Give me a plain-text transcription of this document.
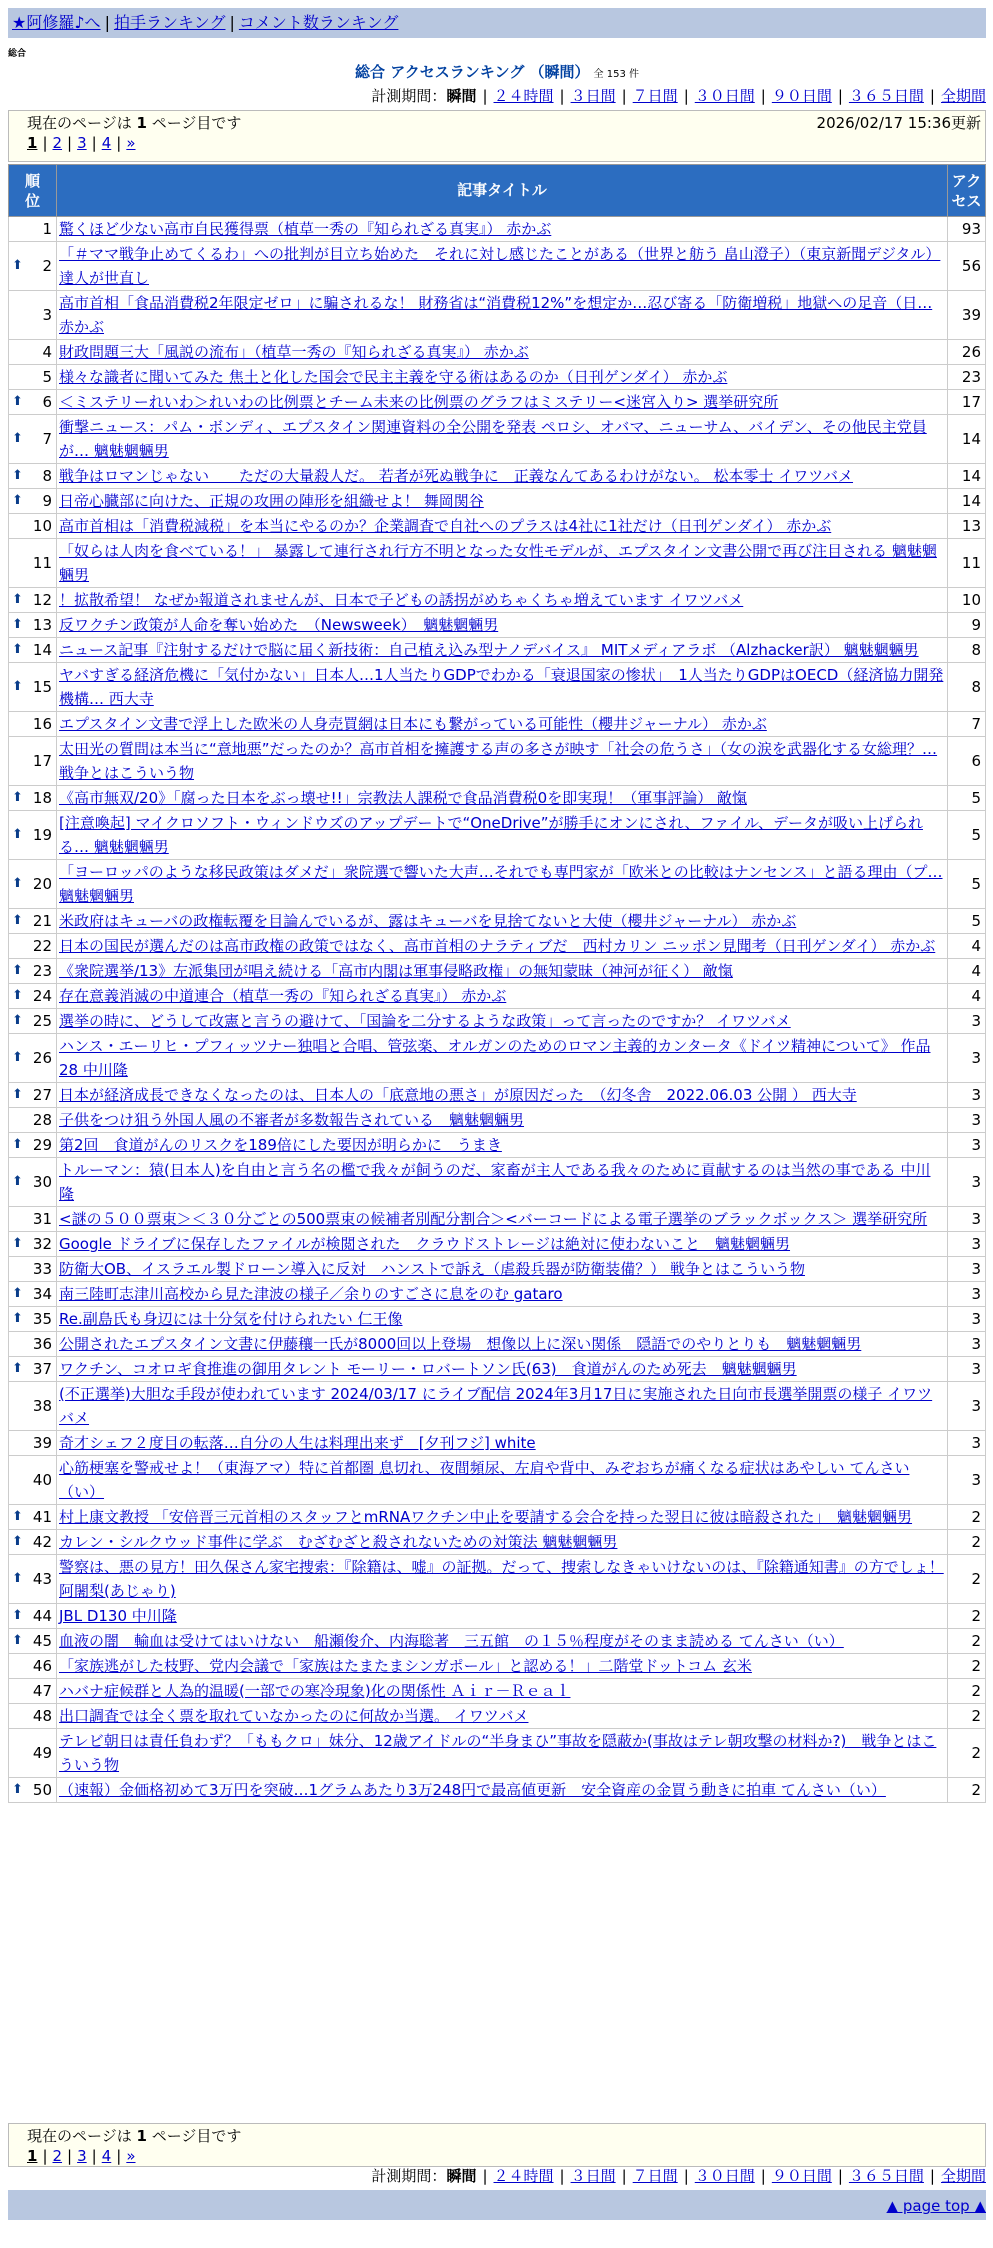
★阿修羅♪へ | 拍手ランキング | コメント数ランキング
総合
総合 アクセスランキング （瞬間） 全 153 件
計測期間：瞬間 | ２４時間 | ３日間 | ７日間 | ３０日間 | ９０日間 | ３６５日間 | 全期間
現在のページは 1 ページ目です	2026/02/17 15:36更新
1 | 2 | 3 | 4 | »
順位	記事タイトル	アクセス
1	驚くほど少ない高市自民獲得票（植草一秀の『知られざる真実』） 赤かぶ	93

⬆ 2	「＃ママ戦争止めてくるわ」への批判が目立ち始めた　それに対し感じたことがある（世界と舫う 畠山澄子）（東京新聞デジタル） 達人が世直し	56
3	高市首相「食品消費税2年限定ゼロ」に騙されるな！ 財務省は“消費税12%”を想定か…忍び寄る「防衛増税」地獄への足音（日… 赤かぶ	39
4	財政問題三大「風説の流布」（植草一秀の『知られざる真実』） 赤かぶ	26
5	様々な識者に聞いてみた 焦土と化した国会で民主主義を守る術はあるのか（日刊ゲンダイ） 赤かぶ	23

⬆ 6	＜ミステリーれいわ＞れいわの比例票とチーム未来の比例票のグラフはミステリー<迷宮入り> 選挙研究所	17

⬆ 7	衝撃ニュース：パム・ボンディ、エプスタイン関連資料の全公開を発表 ペロシ、オバマ、ニューサム、バイデン、その他民主党員が… 魑魅魍魎男	14

⬆ 8	戦争はロマンじゃない　　ただの大量殺人だ。 若者が死ぬ戦争に　正義なんてあるわけがない。 松本零士 イワツバメ	14

⬆ 9	日帝心臓部に向けた、正規の攻囲の陣形を組織せよ！ 舞岡関谷	14
10	高市首相は「消費税減税」を本当にやるのか？企業調査で自社へのプラスは4社に1社だけ（日刊ゲンダイ） 赤かぶ	13
11	「奴らは人肉を食べている！」 暴露して連行され行方不明となった女性モデルが、エプスタイン文書公開で再び注目される 魑魅魍魎男	11

⬆ 12	！拡散希望！ なぜか報道されませんが、日本で子どもの誘拐がめちゃくちゃ増えています イワツバメ	10

⬆ 13	反ワクチン政策が人命を奪い始めた　（Newsweek）　魑魅魍魎男	9

⬆ 14	ニュース記事『注射するだけで脳に届く新技術：自己植え込み型ナノデバイス』 MITメディアラボ （Alzhacker訳） 魑魅魍魎男	8

⬆ 15	ヤバすぎる経済危機に「気付かない」日本人…1人当たりGDPでわかる「衰退国家の惨状」　1人当たりGDPはOECD（経済協力開発機構… 西大寺	8
16	エプスタイン文書で浮上した欧米の人身売買網は日本にも繋がっている可能性（櫻井ジャーナル） 赤かぶ	7
17	太田光の質問は本当に“意地悪”だったのか？高市首相を擁護する声の多さが映す「社会の危うさ」（女の涙を武器化する女総理？… 戦争とはこういう物	6

⬆ 18	《高市無双/20》「腐った日本をぶっ壊せ!!」宗教法人課税で食品消費税0を即実現！（軍事評論） 敵愾	5

⬆ 19	[注意喚起] マイクロソフト・ウィンドウズのアップデートで“OneDrive”が勝手にオンにされ、ファイル、データが吸い上げられる… 魑魅魍魎男	5

⬆ 20	「ヨーロッパのような移民政策はダメだ」衆院選で響いた大声…それでも専門家が「欧米との比較はナンセンス」と語る理由（プ… 魑魅魍魎男	5

⬆ 21	米政府はキューバの政権転覆を目論んでいるが、露はキューバを見捨てないと大使（櫻井ジャーナル） 赤かぶ	5
22	日本の国民が選んだのは高市政権の政策ではなく、高市首相のナラティブだ　西村カリン ニッポン見聞考（日刊ゲンダイ） 赤かぶ	4

⬆ 23	《衆院選挙/13》左派集団が唱え続ける「高市内閣は軍事侵略政権」の無知蒙昧（神河が征く） 敵愾	4

⬆ 24	存在意義消滅の中道連合（植草一秀の『知られざる真実』） 赤かぶ	4

⬆ 25	選挙の時に、どうして改憲と言うの避けて、「国論を二分するような政策」って言ったのですか？ イワツバメ	3

⬆ 26	ハンス・エーリヒ・プフィッツナー独唱と合唱、管弦楽、オルガンのためのロマン主義的カンタータ《ドイツ精神について》 作品28 中川隆	3

⬆ 27	日本が経済成長できなくなったのは、日本人の「底意地の悪さ」が原因だった　（幻冬舎　2022.06.03 公開 ） 西大寺	3
28	子供をつけ狙う外国人風の不審者が多数報告されている　魑魅魍魎男	3

⬆ 29	第2回　食道がんのリスクを189倍にした要因が明らかに　うまき	3

⬆ 30	トルーマン：猿(日本人)を自由と言う名の檻で我々が飼うのだ、家畜が主人である我々のために貢献するのは当然の事である 中川隆	3
31	<謎の５００票束＞＜３０分ごとの500票束の候補者別配分割合＞<バーコードによる電子選挙のブラックボックス＞ 選挙研究所	3

⬆ 32	Google ドライブに保存したファイルが検閲された　クラウドストレージは絶対に使わないこと　魑魅魍魎男	3
33	防衛大OB、イスラエル製ドローン導入に反対　ハンストで訴え（虐殺兵器が防衛装備？） 戦争とはこういう物	3

⬆ 34	南三陸町志津川高校から見た津波の様子／余りのすごさに息をのむ gataro	3

⬆ 35	Re.副島氏も身辺には十分気を付けられたい 仁王像	3
36	公開されたエプスタイン文書に伊藤穰一氏が8000回以上登場　想像以上に深い関係　隠語でのやりとりも　魑魅魍魎男	3

⬆ 37	ワクチン、コオロギ食推進の御用タレント モーリー・ロバートソン氏(63)　食道がんのため死去　魑魅魍魎男	3
38	(不正選挙)大胆な手段が使われています 2024/03/17 にライブ配信 2024年3月17日に実施された日向市長選挙開票の様子 イワツバメ	3
39	奇才シェフ２度目の転落…自分の人生は料理出来ず　[夕刊フジ] white	3
40	心筋梗塞を警戒せよ！（東海アマ）特に首都圏 息切れ、夜間頻尿、左肩や背中、みぞおちが痛くなる症状はあやしい てんさい（い）	3

⬆ 41	村上康文教授 「安倍晋三元首相のスタッフとmRNAワクチン中止を要請する会合を持った翌日に彼は暗殺された」　魑魅魍魎男	2

⬆ 42	カレン・シルクウッド事件に学ぶ　むざむざと殺されないための対策法 魑魅魍魎男	2

⬆ 43	警察は、悪の見方！田久保さん家宅捜索：『除籍は、嘘』の証拠。だって、捜索しなきゃいけないのは、『除籍通知書』の方でしょ！ 阿闍梨(あじゃり)	2

⬆ 44	JBL D130 中川隆	2

⬆ 45	血液の闇　輸血は受けてはいけない　船瀬俊介、内海聡著　三五館　の１５％程度がそのまま読める てんさい（い）	2
46	「家族逃がした枝野、党内会議で「家族はたまたまシンガポール」と認める！」二階堂ドットコム 玄米	2
47	ハバナ症候群と人為的温暖(一部での寒冷現象)化の関係性 Ａｉｒ－Ｒｅａｌ	2
48	出口調査では全く票を取れていなかったのに何故か当選。 イワツバメ	2
49	テレビ朝日は責任負わず？「ももクロ」妹分、12歳アイドルの“半身まひ”事故を隠蔽か(事故はテレ朝攻撃の材料か?)　戦争とはこういう物	2

⬆ 50	（速報）金価格初めて3万円を突破…1グラムあたり3万248円で最高値更新　安全資産の金買う動きに拍車 てんさい（い）	2
現在のページは 1 ページ目です
1 | 2 | 3 | 4 | »
計測期間：瞬間 | ２４時間 | ３日間 | ７日間 | ３０日間 | ９０日間 | ３６５日間 | 全期間
▲ page top ▲
